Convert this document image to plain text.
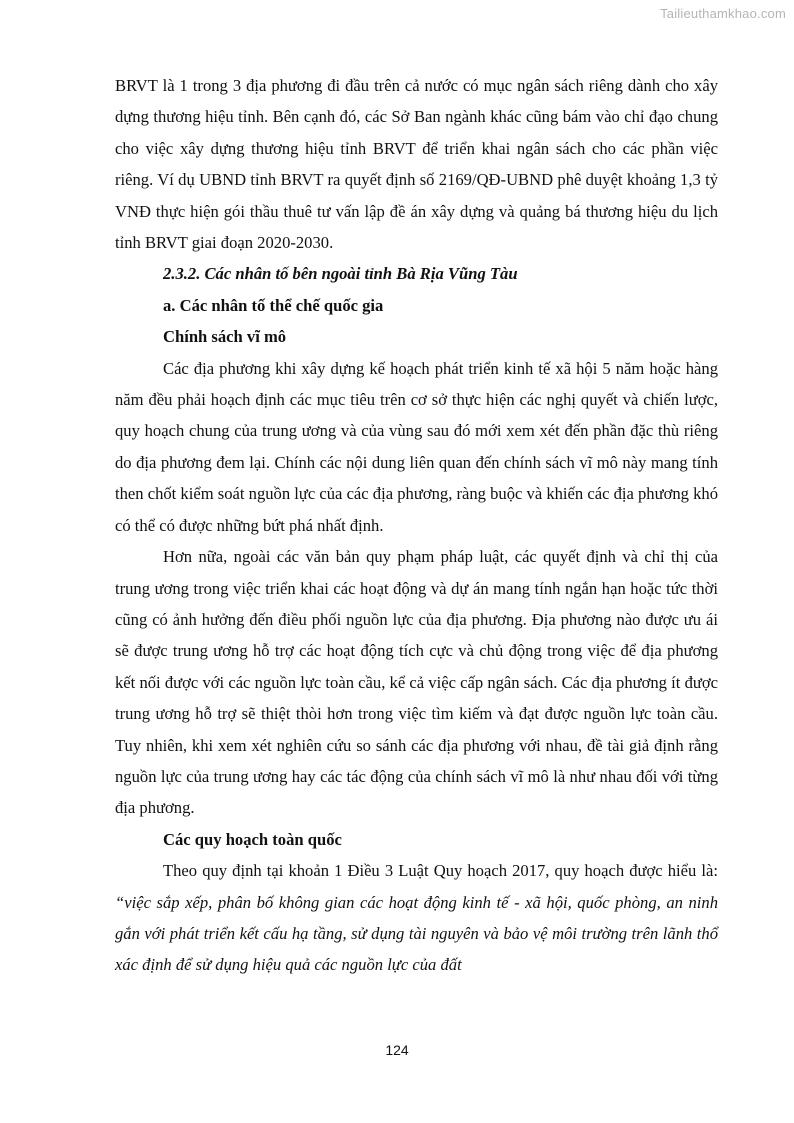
Tailieuthamkhao.com

BRVT là 1 trong 3 địa phương đi đầu trên cả nước có mục ngân sách riêng dành cho xây dựng thương hiệu tỉnh. Bên cạnh đó, các Sở Ban ngành khác cũng bám vào chỉ đạo chung cho việc xây dựng thương hiệu tỉnh BRVT để triển khai ngân sách cho các phần việc riêng. Ví dụ UBND tỉnh BRVT ra quyết định số 2169/QĐ-UBND phê duyệt khoảng 1,3 tỷ VNĐ thực hiện gói thầu thuê tư vấn lập đề án xây dựng và quảng bá thương hiệu du lịch tỉnh BRVT giai đoạn 2020-2030.

2.3.2. Các nhân tố bên ngoài tỉnh Bà Rịa Vũng Tàu

a. Các nhân tố thể chế quốc gia

Chính sách vĩ mô

Các địa phương khi xây dựng kế hoạch phát triển kinh tế xã hội 5 năm hoặc hàng năm đều phải hoạch định các mục tiêu trên cơ sở thực hiện các nghị quyết và chiến lược, quy hoạch chung của trung ương và của vùng sau đó mới xem xét đến phần đặc thù riêng do địa phương đem lại. Chính các nội dung liên quan đến chính sách vĩ mô này mang tính then chốt kiểm soát nguồn lực của các địa phương, ràng buộc và khiến các địa phương khó có thể có được những bứt phá nhất định.

Hơn nữa, ngoài các văn bản quy phạm pháp luật, các quyết định và chỉ thị của trung ương trong việc triển khai các hoạt động và dự án mang tính ngắn hạn hoặc tức thời cũng có ảnh hưởng đến điều phối nguồn lực của địa phương. Địa phương nào được ưu ái sẽ được trung ương hỗ trợ các hoạt động tích cực và chủ động trong việc để địa phương kết nối được với các nguồn lực toàn cầu, kể cả việc cấp ngân sách. Các địa phương ít được trung ương hỗ trợ sẽ thiệt thòi hơn trong việc tìm kiếm và đạt được nguồn lực toàn cầu. Tuy nhiên, khi xem xét nghiên cứu so sánh các địa phương với nhau, đề tài giả định rằng nguồn lực của trung ương hay các tác động của chính sách vĩ mô là như nhau đối với từng địa phương.

Các quy hoạch toàn quốc

Theo quy định tại khoản 1 Điều 3 Luật Quy hoạch 2017, quy hoạch được hiểu là: “việc sắp xếp, phân bố không gian các hoạt động kinh tế - xã hội, quốc phòng, an ninh gắn với phát triển kết cấu hạ tầng, sử dụng tài nguyên và bảo vệ môi trường trên lãnh thổ xác định để sử dụng hiệu quả các nguồn lực của đất

124
